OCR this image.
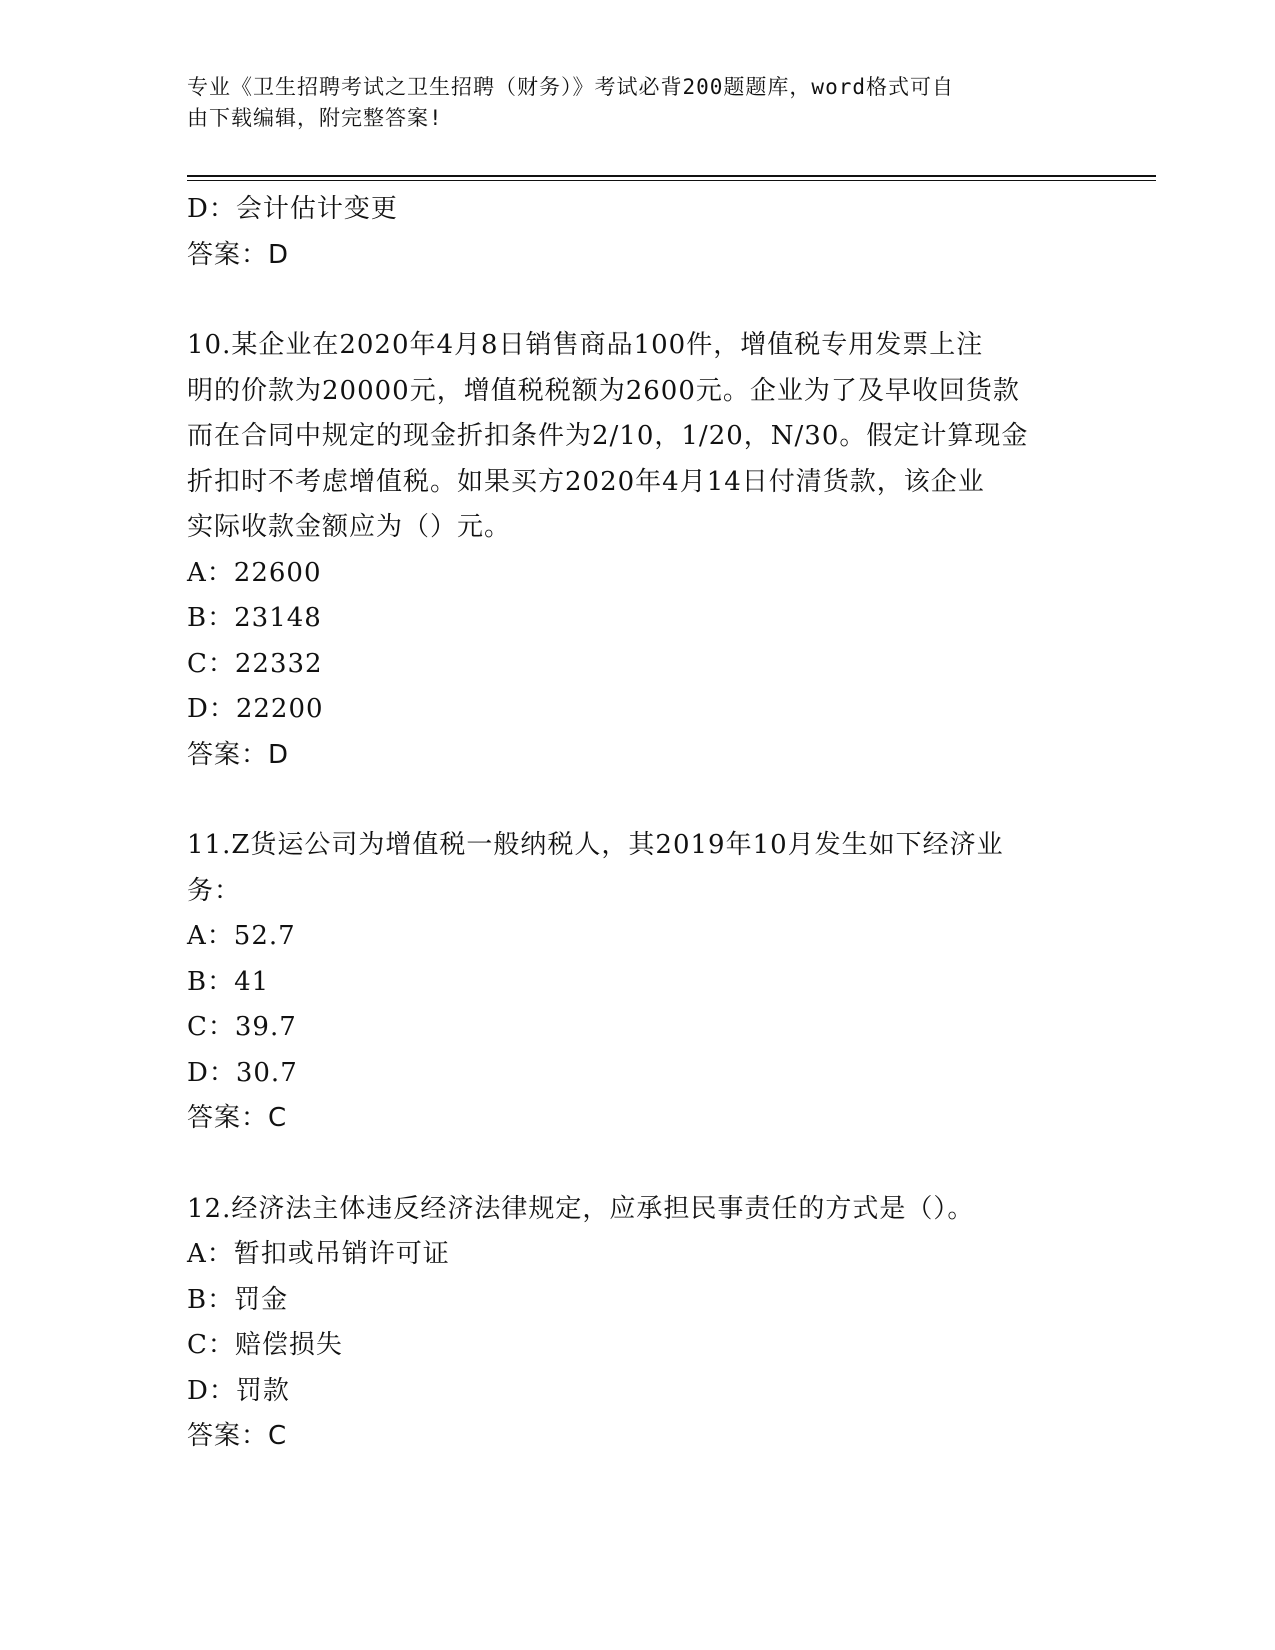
专业《卫生招聘考试之卫生招聘（财务）》考试必背200题题库，word格式可自
由下载编辑，附完整答案!
D：会计估计变更
答案：D
10.某企业在2020年4月8日销售商品100件，增值税专用发票上注
明的价款为20000元，增值税税额为2600元。企业为了及早收回货款
而在合同中规定的现金折扣条件为2/10，1/20，N/30。假定计算现金
折扣时不考虑增值税。如果买方2020年4月14日付清货款，该企业
实际收款金额应为（）元。
A：22600
B：23148
C：22332
D：22200
答案：D
11.Z货运公司为增值税一般纳税人，其2019年10月发生如下经济业
务：
A：52.7
B：41
C：39.7
D：30.7
答案：C
12.经济法主体违反经济法律规定，应承担民事责任的方式是（）。
A：暂扣或吊销许可证
B：罚金
C：赔偿损失
D：罚款
答案：C
